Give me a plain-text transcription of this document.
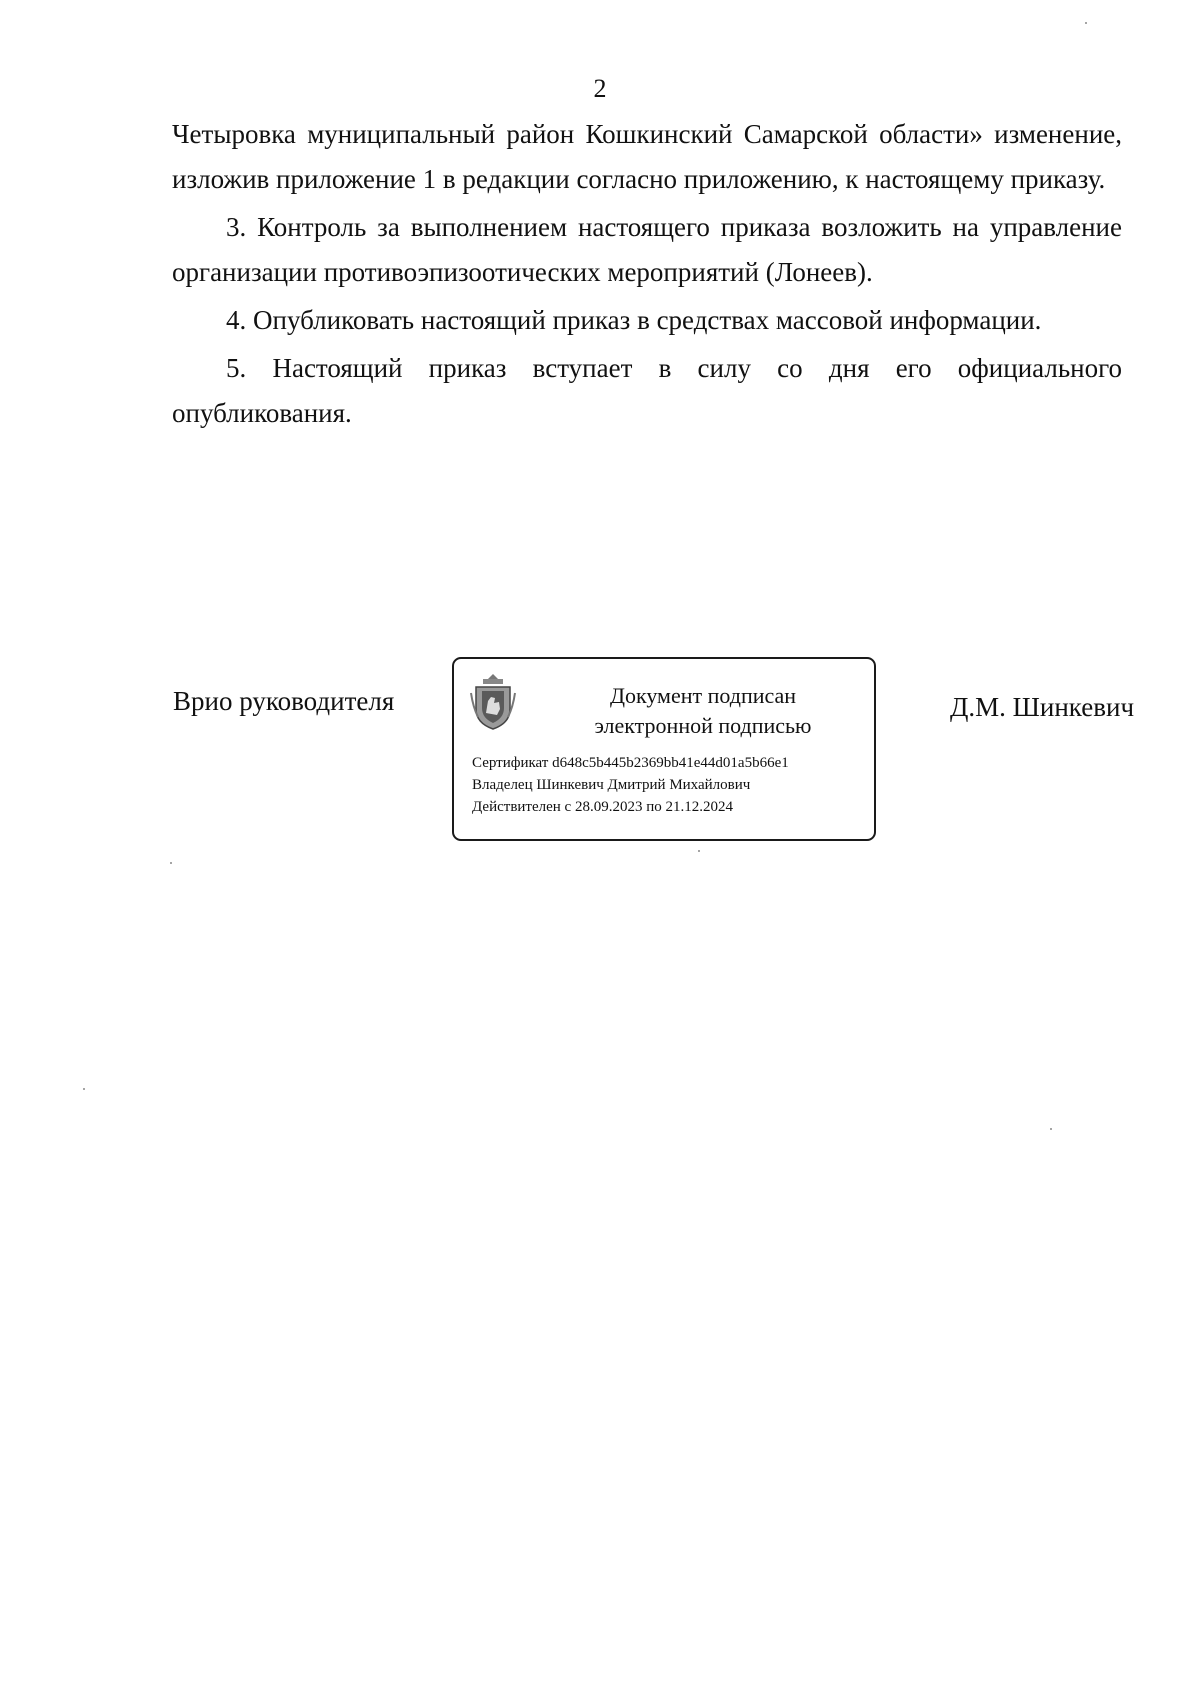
2

Четыровка муниципальный район Кошкинский Самарской области» изменение, изложив приложение 1 в редакции согласно приложению, к настоящему приказу.

3. Контроль за выполнением настоящего приказа возложить на управление организации противоэпизоотических мероприятий (Лонеев).

4. Опубликовать настоящий приказ в средствах массовой информации.

5. Настоящий приказ вступает в силу со дня его официального опубликования.

Врио руководителя	Документ подписан
электронной подписью
Сертификат d648c5b445b2369bb41e44d01a5b66e1
Владелец Шинкевич Дмитрий Михайлович
Действителен с 28.09.2023 по 21.12.2024
Д.М. Шинкевич
